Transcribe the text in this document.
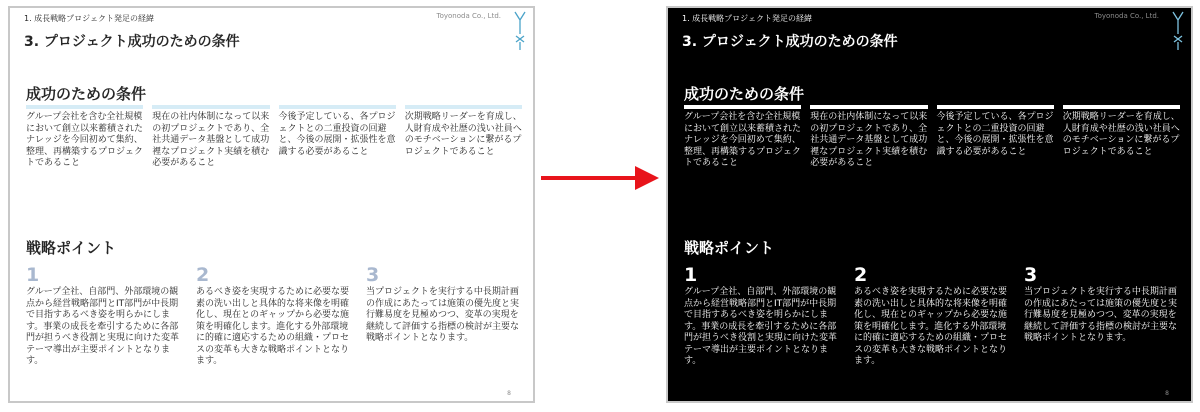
1. 成長戦略プロジェクト発足の経緯	Toyonoda Co., Ltd.
3. プロジェクト成功のための条件
成功のための条件
グループ会社を含む全社規模において創立以来蓄積されたナレッジを今回初めて集約、整理、再構築するプロジェクトであること
現在の社内体制になって以来の初プロジェクトであり、全社共通データ基盤として成功裡なプロジェクト実績を積む必要があること
今後予定している、各プロジェクトとの二重投資の回避と、今後の展開・拡張性を意識する必要があること
次期戦略リーダーを育成し、人財育成や社歴の浅い社員へのモチベーションに繋がるプロジェクトであること
戦略ポイント
1
グループ全社、自部門、外部環境の観点から経営戦略部門とIT部門が中長期で目指すあるべき姿を明らかにします。事業の成長を牽引するために各部門が担うべき役割と実現に向けた変革テーマ導出が主要ポイントとなります。
2
あるべき姿を実現するために必要な要素の洗い出しと具体的な将来像を明確化し、現在とのギャップから必要な施策を明確化します。進化する外部環境に的確に適応するための組織・プロセスの変革も大きな戦略ポイントとなります。
3
当プロジェクトを実行する中長期計画の作成にあたっては施策の優先度と実行難易度を見極めつつ、変革の実現を継続して評価する指標の検討が主要な戦略ポイントとなります。
8
1. 成長戦略プロジェクト発足の経緯	Toyonoda Co., Ltd.
3. プロジェクト成功のための条件
成功のための条件
グループ会社を含む全社規模において創立以来蓄積されたナレッジを今回初めて集約、整理、再構築するプロジェクトであること
現在の社内体制になって以来の初プロジェクトであり、全社共通データ基盤として成功裡なプロジェクト実績を積む必要があること
今後予定している、各プロジェクトとの二重投資の回避と、今後の展開・拡張性を意識する必要があること
次期戦略リーダーを育成し、人財育成や社歴の浅い社員へのモチベーションに繋がるプロジェクトであること
戦略ポイント
1
グループ全社、自部門、外部環境の観点から経営戦略部門とIT部門が中長期で目指すあるべき姿を明らかにします。事業の成長を牽引するために各部門が担うべき役割と実現に向けた変革テーマ導出が主要ポイントとなります。
2
あるべき姿を実現するために必要な要素の洗い出しと具体的な将来像を明確化し、現在とのギャップから必要な施策を明確化します。進化する外部環境に的確に適応するための組織・プロセスの変革も大きな戦略ポイントとなります。
3
当プロジェクトを実行する中長期計画の作成にあたっては施策の優先度と実行難易度を見極めつつ、変革の実現を継続して評価する指標の検討が主要な戦略ポイントとなります。
8
